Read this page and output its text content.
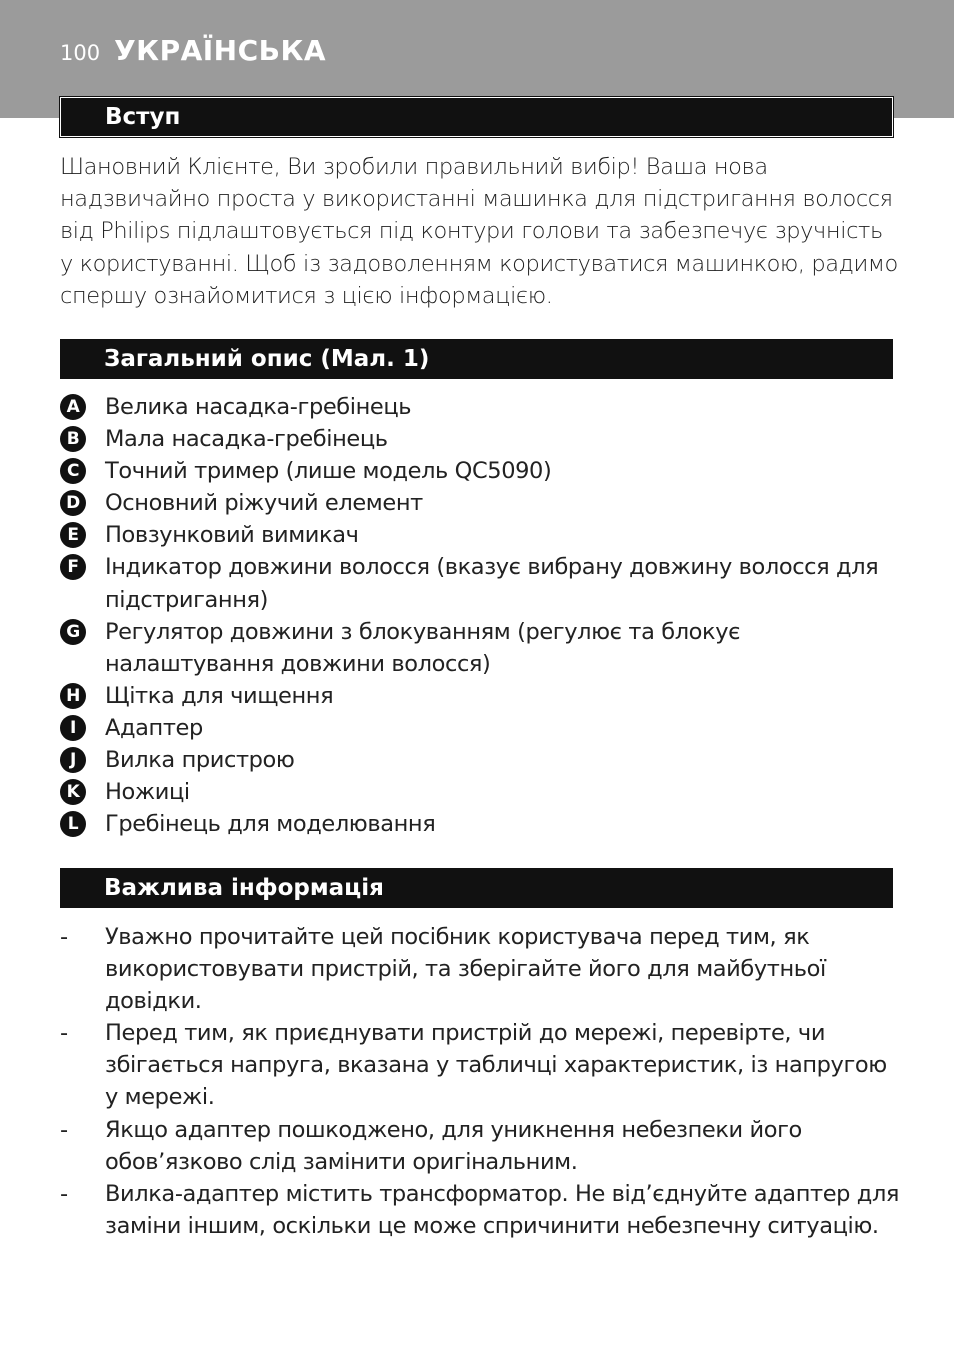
100 УКРАЇНСЬКА
Вступ

Шановний Клієнте, Ви зробили правильний вибір! Ваша нова надзвичайно проста у використанні машинка для підстригання волосся від Philips підлаштовується під контури голови та забезпечує зручність у користуванні. Щоб із задоволенням користуватися машинкою, радимо спершу ознайомитися з цією інформацією.

Загальний опис (Мал. 1)
A Велика насадка-гребінець
B Мала насадка-гребінець
C	Точний тример (лише модель QC5090)
D Основний ріжучий елемент
E	Повзунковий вимикач
F	Індикатор довжини волосся (вказує вибрану довжину волосся для підстригання)
G Регулятор довжини з блокуванням (регулює та блокує налаштування довжини волосся)
H Щітка для чищення
I	Адаптер
J	Вилка пристрою
K Ножиці
L	Гребінець для моделювання
Важлива інформація
- Уважно прочитайте цей посібник користувача перед тим, як використовувати пристрій, та зберігайте його для майбутньої довідки.
- Перед тим, як приєднувати пристрій до мережі, перевірте, чи збігається напруга, вказана у табличці характеристик, із напругою у мережі.
- Якщо адаптер пошкоджено, для уникнення небезпеки його обов’язково слід замінити оригінальним.
- Вилка-адаптер містить трансформатор. Не від’єднуйте адаптер для заміни іншим, оскільки це може спричинити небезпечну ситуацію.
